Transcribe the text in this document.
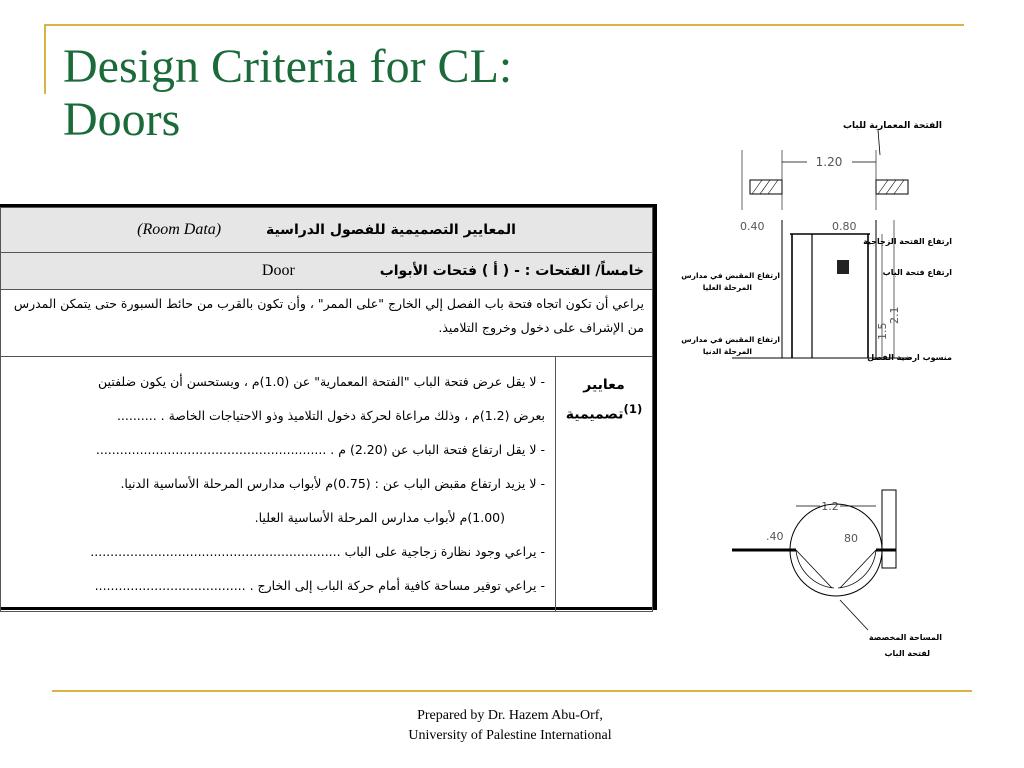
Design Criteria for CL:
Doors
المعايير التصميمية للفصول الدراسية (Room Data)
خامساً/ الفتحات : - ( أ ) فتحات الأبواب Door
يراعي أن تكون اتجاه فتحة باب الفصل إلي الخارج "على الممر" ، وأن تكون بالقرب من حائط السبورة حتى يتمكن المدرس من الإشراف على دخول وخروج التلاميذ.

معايير
$^{(1)}$تصميمية

- لا يقل عرض فتحة الباب "الفتحة المعمارية" عن (1.0)م ، ويستحسن أن يكون ضلفتين

بعرض (1.2)م ، وذلك مراعاة لحركة دخول التلاميذ وذو الاحتياجات الخاصة . ..........

- لا يقل ارتفاع فتحة الباب عن (2.20) م . ..........................................................

- لا يزيد ارتفاع مقبض الباب عن : (0.75)م لأبواب مدارس المرحلة الأساسية الدنيا.

(1.00)م لأبواب مدارس المرحلة الأساسية العليا.

- يراعي وجود نظارة زجاجية على الباب ...............................................................

- يراعي توفير مساحة كافية أمام حركة الباب إلى الخارج . ......................................

الفتحة المعمارية للباب
1.20
0.40	0.80
1.5
2.1
ارتفاع الفتحة الزجاجية
ارتفاع فتحة الباب
ارتفاع المقبض في مدارس
المرحلة العليا
ارتفاع المقبض في مدارس
المرحلة الدنيا
منسوب ارضية الفصل
1.2
.40	80
المساحة المخصصة
لفتحة الباب
Prepared by Dr. Hazem Abu-Orf,
University of Palestine International
